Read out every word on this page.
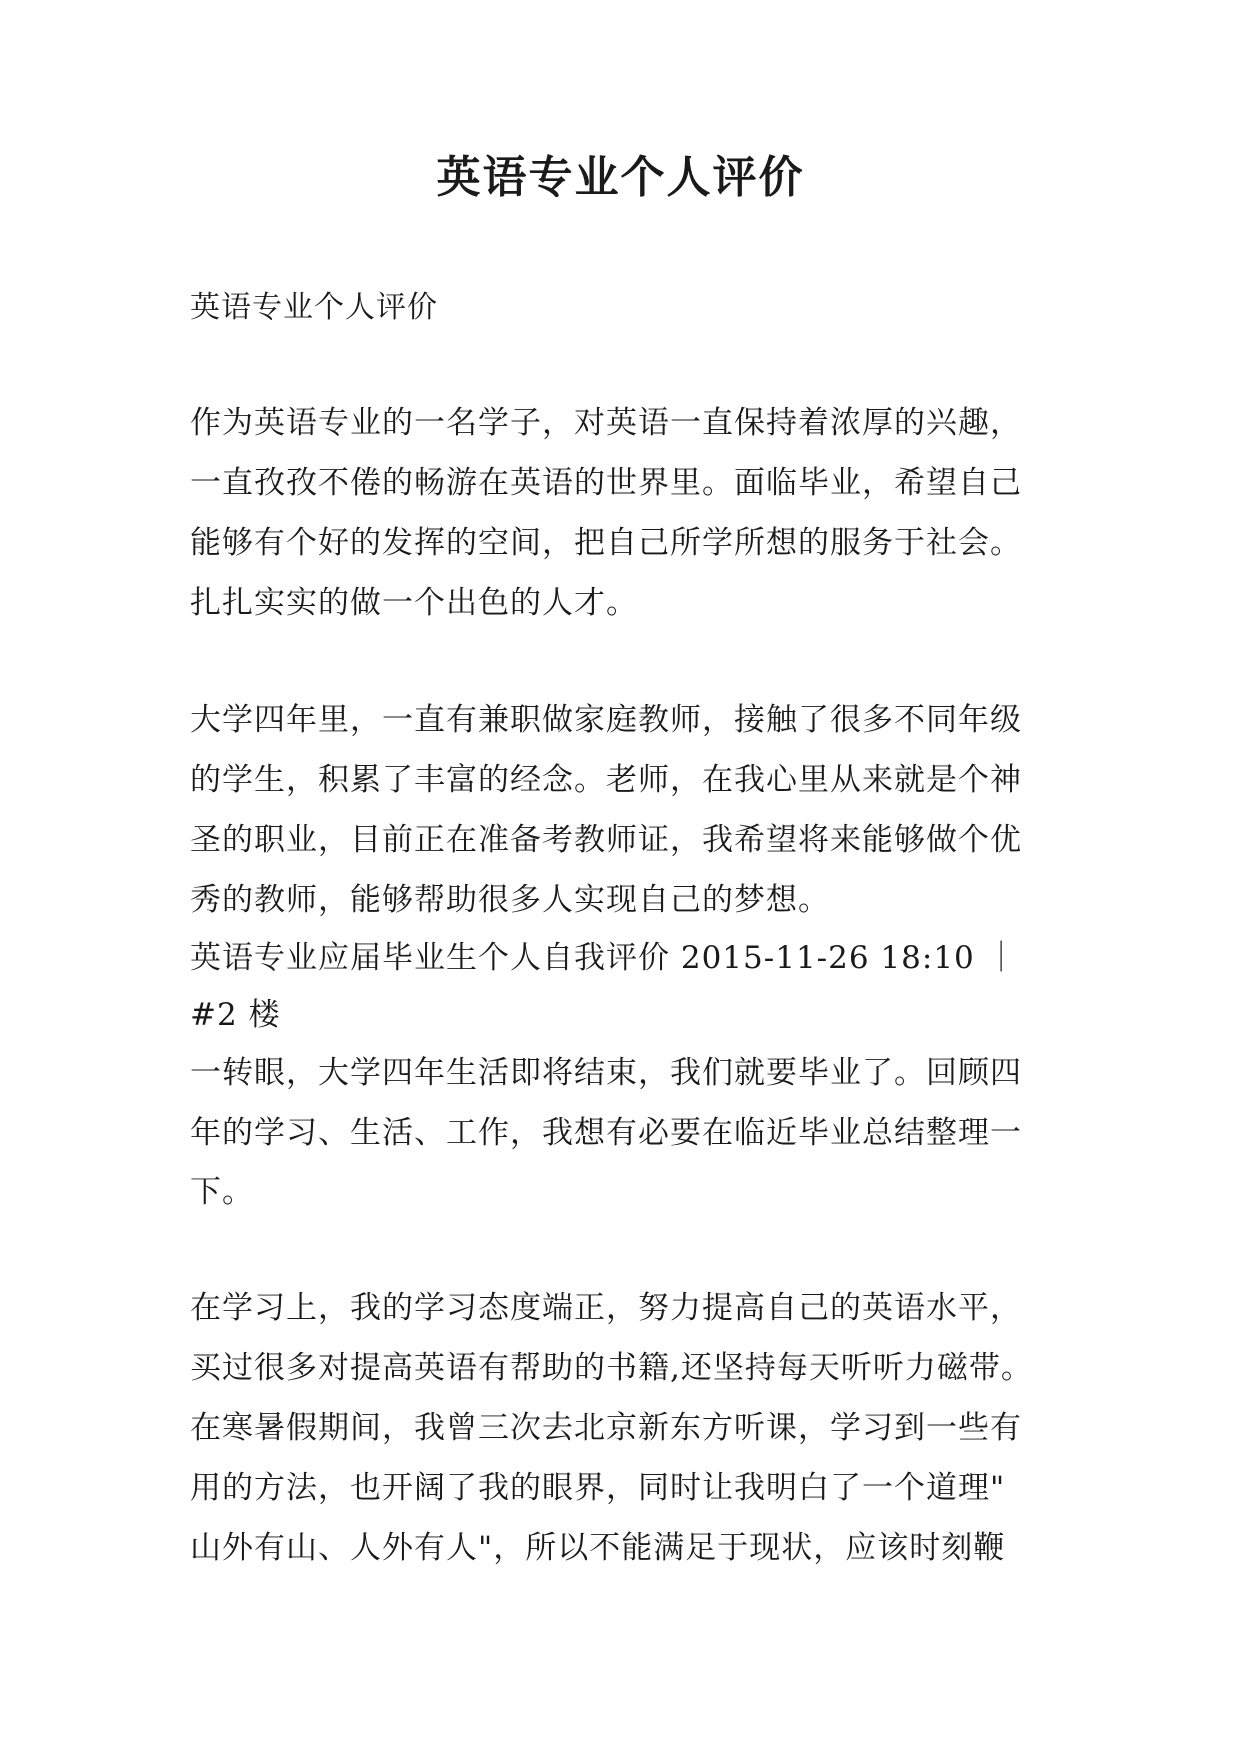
英语专业个人评价
英语专业个人评价
作为英语专业的一名学子，对英语一直保持着浓厚的兴趣，
一直孜孜不倦的畅游在英语的世界里。面临毕业，希望自己
能够有个好的发挥的空间，把自己所学所想的服务于社会。
扎扎实实的做一个出色的人才。
大学四年里，一直有兼职做家庭教师，接触了很多不同年级
的学生，积累了丰富的经念。老师，在我心里从来就是个神
圣的职业，目前正在准备考教师证，我希望将来能够做个优
秀的教师，能够帮助很多人实现自己的梦想。
英语专业应届毕业生个人自我评价 2015-11-26 18:10 ｜
#2 楼
一转眼，大学四年生活即将结束，我们就要毕业了。回顾四
年的学习、生活、工作，我想有必要在临近毕业总结整理一
下。
在学习上，我的学习态度端正，努力提高自己的英语水平，
买过很多对提高英语有帮助的书籍,还坚持每天听听力磁带。
在寒暑假期间，我曾三次去北京新东方听课，学习到一些有
用的方法，也开阔了我的眼界，同时让我明白了一个道理"
山外有山、人外有人"，所以不能满足于现状，应该时刻鞭
